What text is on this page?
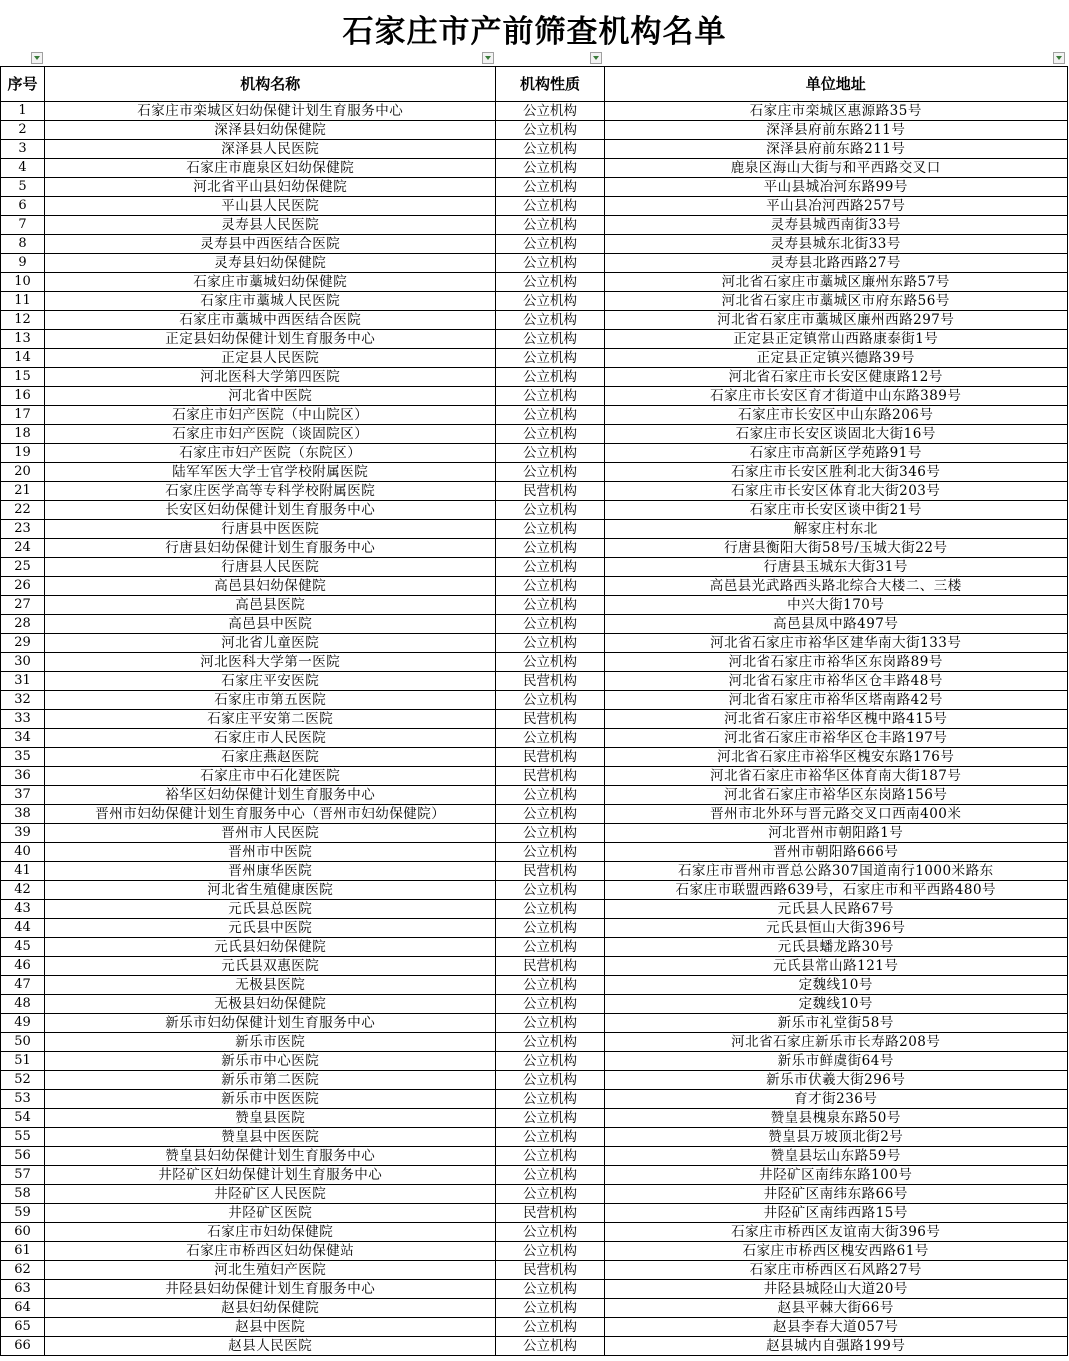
石家庄市产前筛查机构名单
序号	机构名称	机构性质	单位地址
1	石家庄市栾城区妇幼保健计划生育服务中心	公立机构	石家庄市栾城区惠源路35号
2	深泽县妇幼保健院	公立机构	深泽县府前东路211号
3	深泽县人民医院	公立机构	深泽县府前东路211号
4	石家庄市鹿泉区妇幼保健院	公立机构	鹿泉区海山大街与和平西路交叉口
5	河北省平山县妇幼保健院	公立机构	平山县城冶河东路99号
6	平山县人民医院	公立机构	平山县冶河西路257号
7	灵寿县人民医院	公立机构	灵寿县城西南街33号
8	灵寿县中西医结合医院	公立机构	灵寿县城东北街33号
9	灵寿县妇幼保健院	公立机构	灵寿县北路西路27号
10	石家庄市藁城妇幼保健院	公立机构	河北省石家庄市藁城区廉州东路57号
11	石家庄市藁城人民医院	公立机构	河北省石家庄市藁城区市府东路56号
12	石家庄市藁城中西医结合医院	公立机构	河北省石家庄市藁城区廉州西路297号
13	正定县妇幼保健计划生育服务中心	公立机构	正定县正定镇常山西路康泰街1号
14	正定县人民医院	公立机构	正定县正定镇兴德路39号
15	河北医科大学第四医院	公立机构	河北省石家庄市长安区健康路12号
16	河北省中医院	公立机构	石家庄市长安区育才街道中山东路389号
17	石家庄市妇产医院（中山院区）	公立机构	石家庄市长安区中山东路206号
18	石家庄市妇产医院（谈固院区）	公立机构	石家庄市长安区谈固北大街16号
19	石家庄市妇产医院（东院区）	公立机构	石家庄市高新区学苑路91号
20	陆军军医大学士官学校附属医院	公立机构	石家庄市长安区胜利北大街346号
21	石家庄医学高等专科学校附属医院	民营机构	石家庄市长安区体育北大街203号
22	长安区妇幼保健计划生育服务中心	公立机构	石家庄市长安区谈中街21号
23	行唐县中医医院	公立机构	解家庄村东北
24	行唐县妇幼保健计划生育服务中心	公立机构	行唐县衡阳大街58号/玉城大街22号
25	行唐县人民医院	公立机构	行唐县玉城东大街31号
26	高邑县妇幼保健院	公立机构	高邑县光武路西头路北综合大楼二、三楼
27	高邑县医院	公立机构	中兴大街170号
28	高邑县中医院	公立机构	高邑县凤中路497号
29	河北省儿童医院	公立机构	河北省石家庄市裕华区建华南大街133号
30	河北医科大学第一医院	公立机构	河北省石家庄市裕华区东岗路89号
31	石家庄平安医院	民营机构	河北省石家庄市裕华区仓丰路48号
32	石家庄市第五医院	公立机构	河北省石家庄市裕华区塔南路42号
33	石家庄平安第二医院	民营机构	河北省石家庄市裕华区槐中路415号
34	石家庄市人民医院	公立机构	河北省石家庄市裕华区仓丰路197号
35	石家庄燕赵医院	民营机构	河北省石家庄市裕华区槐安东路176号
36	石家庄市中石化建医院	民营机构	河北省石家庄市裕华区体育南大街187号
37	裕华区妇幼保健计划生育服务中心	公立机构	河北省石家庄市裕华区东岗路156号
38	晋州市妇幼保健计划生育服务中心（晋州市妇幼保健院）	公立机构	晋州市北外环与晋元路交叉口西南400米
39	晋州市人民医院	公立机构	河北晋州市朝阳路1号
40	晋州市中医院	公立机构	晋州市朝阳路666号
41	晋州康华医院	民营机构	石家庄市晋州市晋总公路307国道南行1000米路东
42	河北省生殖健康医院	公立机构	石家庄市联盟西路639号，石家庄市和平西路480号
43	元氏县总医院	公立机构	元氏县人民路67号
44	元氏县中医院	公立机构	元氏县恒山大街396号
45	元氏县妇幼保健院	公立机构	元氏县蟠龙路30号
46	元氏县双惠医院	民营机构	元氏县常山路121号
47	无极县医院	公立机构	定魏线10号
48	无极县妇幼保健院	公立机构	定魏线10号
49	新乐市妇幼保健计划生育服务中心	公立机构	新乐市礼堂街58号
50	新乐市医院	公立机构	河北省石家庄新乐市长寿路208号
51	新乐市中心医院	公立机构	新乐市鲜虞街64号
52	新乐市第二医院	公立机构	新乐市伏羲大街296号
53	新乐市中医医院	公立机构	育才街236号
54	赞皇县医院	公立机构	赞皇县槐泉东路50号
55	赞皇县中医医院	公立机构	赞皇县万坡顶北街2号
56	赞皇县妇幼保健计划生育服务中心	公立机构	赞皇县坛山东路59号
57	井陉矿区妇幼保健计划生育服务中心	公立机构	井陉矿区南纬东路100号
58	井陉矿区人民医院	公立机构	井陉矿区南纬东路66号
59	井陉矿区医院	民营机构	井陉矿区南纬西路15号
60	石家庄市妇幼保健院	公立机构	石家庄市桥西区友谊南大街396号
61	石家庄市桥西区妇幼保健站	公立机构	石家庄市桥西区槐安西路61号
62	河北生殖妇产医院	民营机构	石家庄市桥西区石风路27号
63	井陉县妇幼保健计划生育服务中心	公立机构	井陉县城陉山大道20号
64	赵县妇幼保健院	公立机构	赵县平棘大街66号
65	赵县中医院	公立机构	赵县李春大道057号
66	赵县人民医院	公立机构	赵县城内自强路199号
